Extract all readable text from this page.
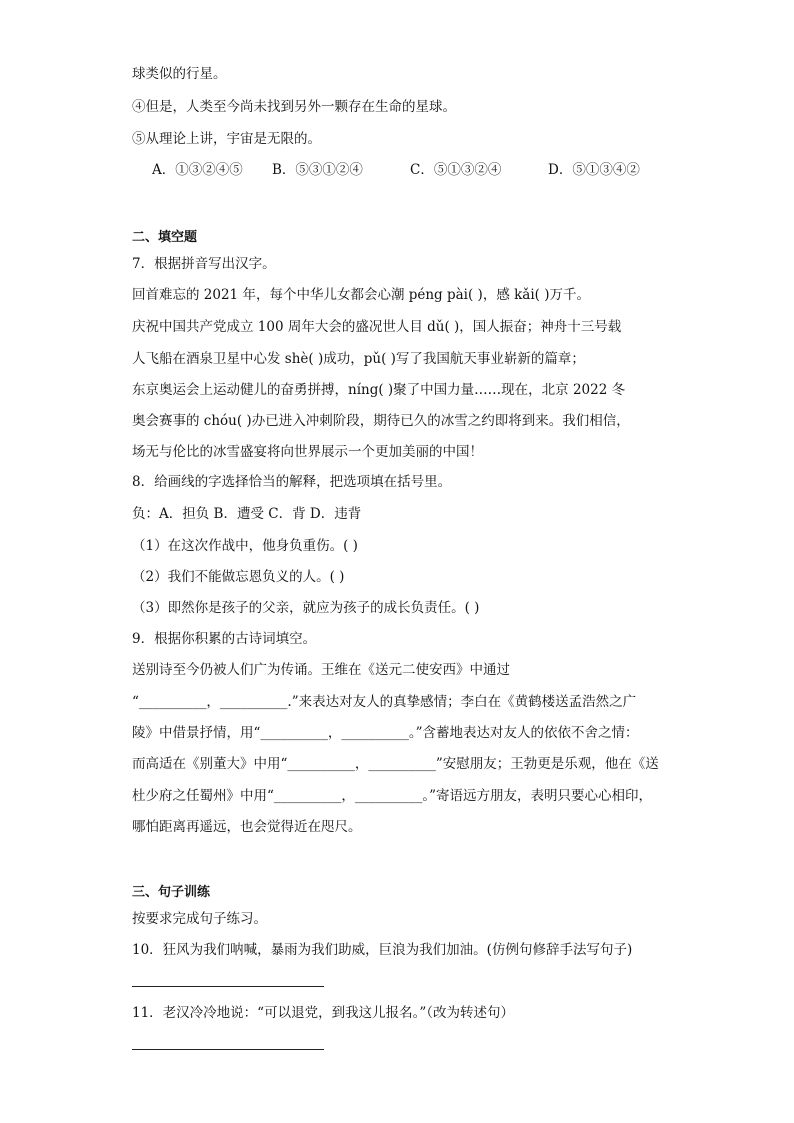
球类似的行星。
④但是，人类至今尚未找到另外一颗存在生命的星球。
⑤从理论上讲，宇宙是无限的。
A．①③②④⑤ B．⑤③①②④	C．⑤①③②④	D．⑤①③④②
二、填空题
7．根据拼音写出汉字。
回首难忘的 2021 年，每个中华儿女都会心潮 péng pài( )，感 kǎi( )万千。
庆祝中国共产党成立 100 周年大会的盛况世人目 dǔ( )，国人振奋；神舟十三号载
人飞船在酒泉卫星中心发 shè( )成功，pǔ( )写了我国航天事业崭新的篇章；
东京奥运会上运动健儿的奋勇拼搏，níng( )聚了中国力量……现在，北京 2022 冬
奥会赛事的 chóu( )办已进入冲刺阶段，期待已久的冰雪之约即将到来。我们相信，
场无与伦比的冰雪盛宴将向世界展示一个更加美丽的中国！
8．给画线的字选择恰当的解释，把选项填在括号里。
负：A．担负 B．遭受 C．背 D．违背
（1）在这次作战中，他身负重伤。( )
（2）我们不能做忘恩负义的人。( )
（3）即然你是孩子的父亲，就应为孩子的成长负责任。( )
9．根据你积累的古诗词填空。
送别诗至今仍被人们广为传诵。王维在《送元二使安西》中通过
“__________，__________.”来表达对友人的真挚感情；李白在《黄鹤楼送孟浩然之广
陵》中借景抒情，用“__________，__________。”含蓄地表达对友人的依依不舍之情：
而高适在《别董大》中用“__________，__________”安慰朋友；王勃更是乐观，他在《送
杜少府之任蜀州》中用“__________，__________。”寄语远方朋友，表明只要心心相印，
哪怕距离再遥远，也会觉得近在咫尺。
三、句子训练
按要求完成句子练习。
10．狂风为我们呐喊，暴雨为我们助威，巨浪为我们加油。(仿例句修辞手法写句子)
11．老汉冷冷地说：“可以退党，到我这儿报名。”（改为转述句）
